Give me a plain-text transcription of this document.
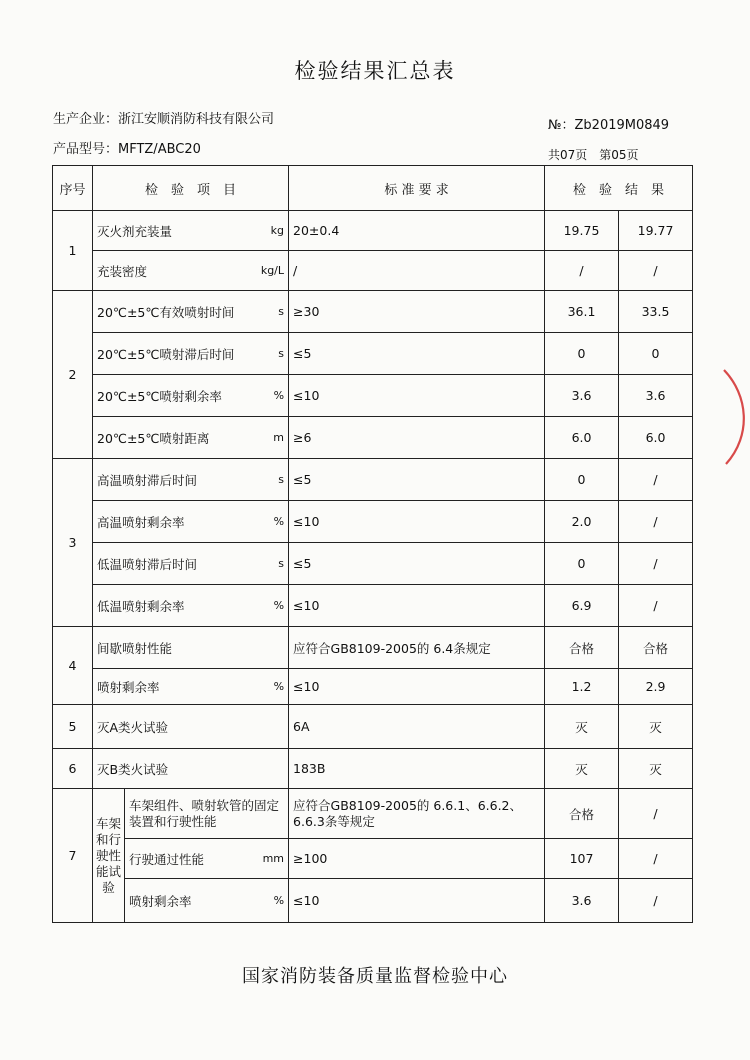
检验结果汇总表
生产企业：浙江安顺消防科技有限公司
产品型号：MFTZ/ABC20
№：Zb2019M0849
共07页　第05页
序号	检　验　项　目		标 准 要 求	检　验　结　果	
1	灭火剂充装量 kg		20±0.4	19.75	19.77

	充装密度 kg/L		/	/	/
2	20℃±5℃有效喷射时间 s		≥30	36.1	33.5

	20℃±5℃喷射滞后时间 s		≤5	0	0

	20℃±5℃喷射剩余率 %		≤10	3.6	3.6

	20℃±5℃喷射距离 m		≥6	6.0	6.0
3	高温喷射滞后时间 s		≤5	0	/

	高温喷射剩余率 %		≤10	2.0	/

	低温喷射滞后时间 s		≤5	0	/

	低温喷射剩余率 %		≤10	6.9	/
4	间歇喷射性能		应符合GB8109-2005的 6.4条规定	合格	合格

	喷射剩余率 %		≤10	1.2	2.9
5	灭A类火试验		6A	灭	灭
6	灭B类火试验		183B	灭	灭
7	车架和行驶性能试验	车架组件、喷射软管的固定装置和行驶性能	应符合GB8109-2005的 6.6.1、6.6.2、6.6.3条等规定	合格	/

		行驶通过性能 mm	≥100	107	/

		喷射剩余率 %	≤10	3.6	/
国家消防装备质量监督检验中心
